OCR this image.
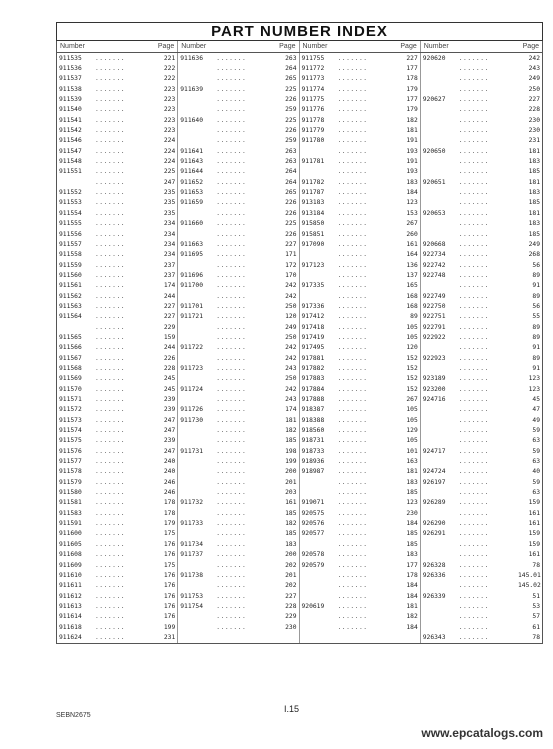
PART NUMBER INDEX
Number	Page Number	Page Number	Page Number	Page
911535	.......	221
911536	.......	222
911537	.......	222
911538	.......	223
911539	.......	223
911540	.......	223
911541	.......	223
911542	.......	223
911546	.......	224
911547	.......	224
911548	.......	224
911551	.......	225
.......	247
911552	.......	235
911553	.......	235
911554	.......	235
911555	.......	234
911556	.......	234
911557	.......	234
911558	.......	234
911559	.......	237
911560	.......	237
911561	.......	174
911562	.......	244
911563	.......	227
911564	.......	227
.......	229
911565	.......	159
911566	.......	244
911567	.......	226
911568	.......	228
911569	.......	245
911570	.......	245
911571	.......	239
911572	.......	239
911573	.......	247
911574	.......	247
911575	.......	239
911576	.......	247
911577	.......	240
911578	.......	240
911579	.......	246
911580	.......	246
911581	.......	178
911583	.......	178
911591	.......	179
911600	.......	175
911605	.......	176
911608	.......	176
911609	.......	175
911610	.......	176
911611	.......	176
911612	.......	176
911613	.......	176
911614	.......	176
911618	.......	199
911624	.......	231
911636	.......	263
.......	264
.......	265
911639	.......	225
.......	226
.......	259
911640	.......	225
.......	226
.......	259
911641	.......	263
911643	.......	263
911644	.......	264
911652	.......	264
911653	.......	265
911659	.......	226
.......	226
911660	.......	225
.......	226
911663	.......	227
911695	.......	171
.......	172
911696	.......	170
911700	.......	242
.......	242
911701	.......	250
911721	.......	120
.......	249
.......	250
911722	.......	242
.......	242
911723	.......	243
.......	250
911724	.......	242
.......	243
911726	.......	174
911730	.......	181
.......	182
.......	185
911731	.......	198
.......	199
.......	200
.......	201
.......	203
911732	.......	161
.......	185
911733	.......	182
.......	185
911734	.......	183
911737	.......	200
.......	202
911738	.......	201
.......	202
911753	.......	227
911754	.......	228
.......	229
.......	230
911755	.......	227
911772	.......	177
911773	.......	178
911774	.......	179
911775	.......	177
911776	.......	179
911778	.......	182
911779	.......	181
911780	.......	191
.......	193
911781	.......	191
.......	193
911782	.......	183
911787	.......	184
913183	.......	123
913184	.......	153
915850	.......	267
915851	.......	260
917090	.......	161
.......	164
917123	.......	136
.......	137
917335	.......	165
.......	168
917336	.......	168
917412	.......	89
917418	.......	105
917419	.......	105
917495	.......	120
917881	.......	152
917882	.......	152
917883	.......	152
917884	.......	152
917888	.......	267
918387	.......	105
918388	.......	105
918560	.......	129
918731	.......	105
918733	.......	101
918936	.......	163
918987	.......	181
.......	183
.......	185
919071	.......	123
920575	.......	230
920576	.......	184
920577	.......	185
.......	185
920578	.......	183
920579	.......	177
.......	178
.......	184
.......	184
920619	.......	181
.......	182
.......	184
920620	.......	242
.......	243
.......	249
.......	250
920627	.......	227
.......	228
.......	230
.......	230
.......	231
920650	.......	181
.......	183
.......	185
920651	.......	181
.......	183
.......	185
920653	.......	181
.......	183
.......	185
920668	.......	249
922734	.......	268
922742	.......	56
922748	.......	89
.......	91
922749	.......	89
922750	.......	56
922751	.......	55
922791	.......	89
922922	.......	89
.......	91
922923	.......	89
.......	91
923189	.......	123
923200	.......	123
924716	.......	45
.......	47
.......	49
.......	59
.......	63
924717	.......	59
.......	63
924724	.......	40
926197	.......	59
.......	63
926289	.......	159
.......	161
926290	.......	161
926291	.......	159
.......	159
.......	161
926328	.......	78
926336	.......	145.01
.......	145.02
926339	.......	51
.......	53
.......	57
.......	61
926343	.......	78
I.15
SEBN2675
www.epcatalogs.com
